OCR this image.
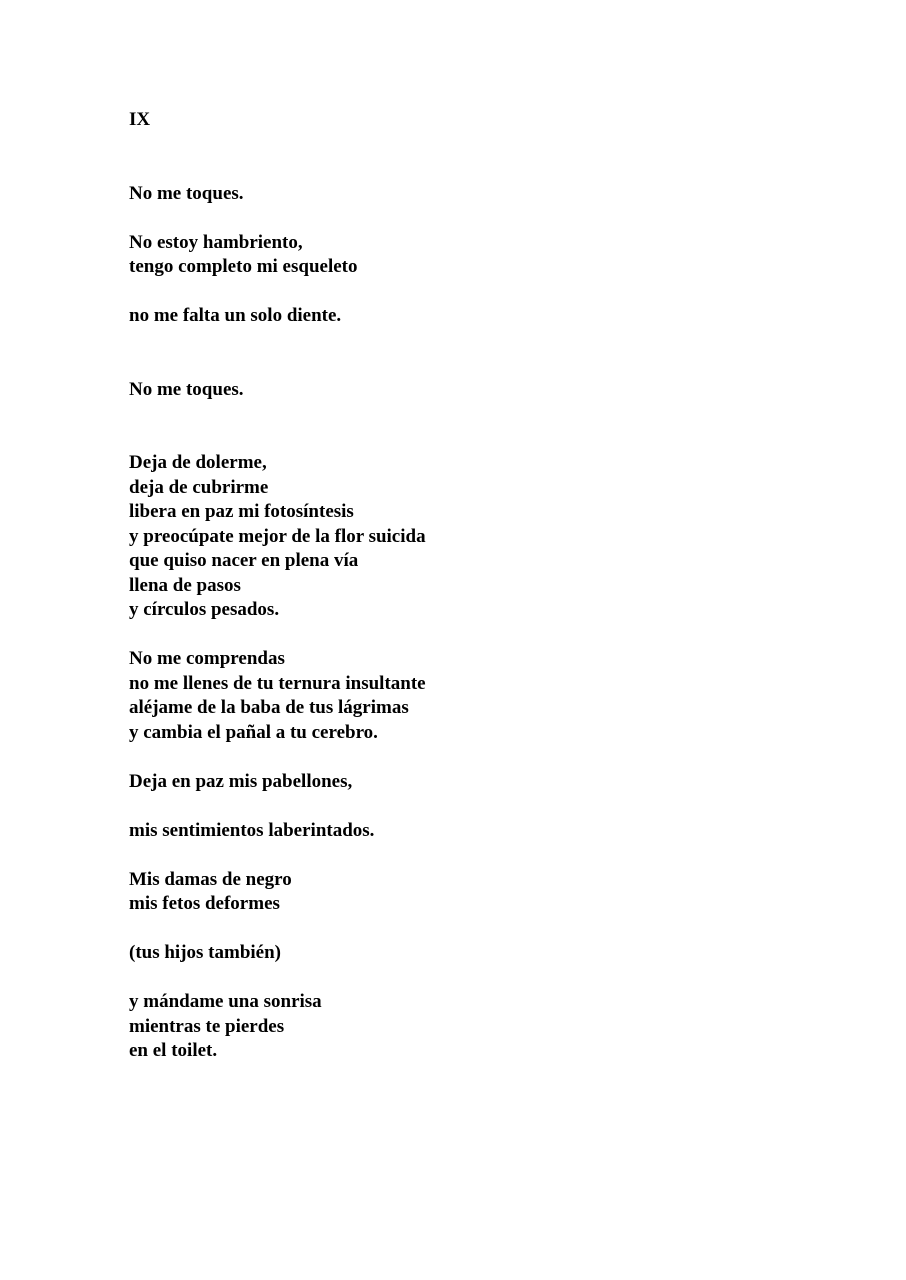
IX
No me toques.
No estoy hambriento,
tengo completo mi esqueleto
no me falta un solo diente.
No me toques.
Deja de dolerme,
deja de cubrirme
libera en paz mi fotosíntesis
y preocúpate mejor de la flor suicida
que quiso nacer en plena vía
llena de pasos
y círculos pesados.
No me comprendas
no me llenes de tu ternura insultante
aléjame de la baba de tus lágrimas
y cambia el pañal a tu cerebro.
Deja en paz mis pabellones,
mis sentimientos laberintados.
Mis damas de negro
mis fetos deformes
(tus hijos también)
y mándame una sonrisa
mientras te pierdes
en el toilet.
